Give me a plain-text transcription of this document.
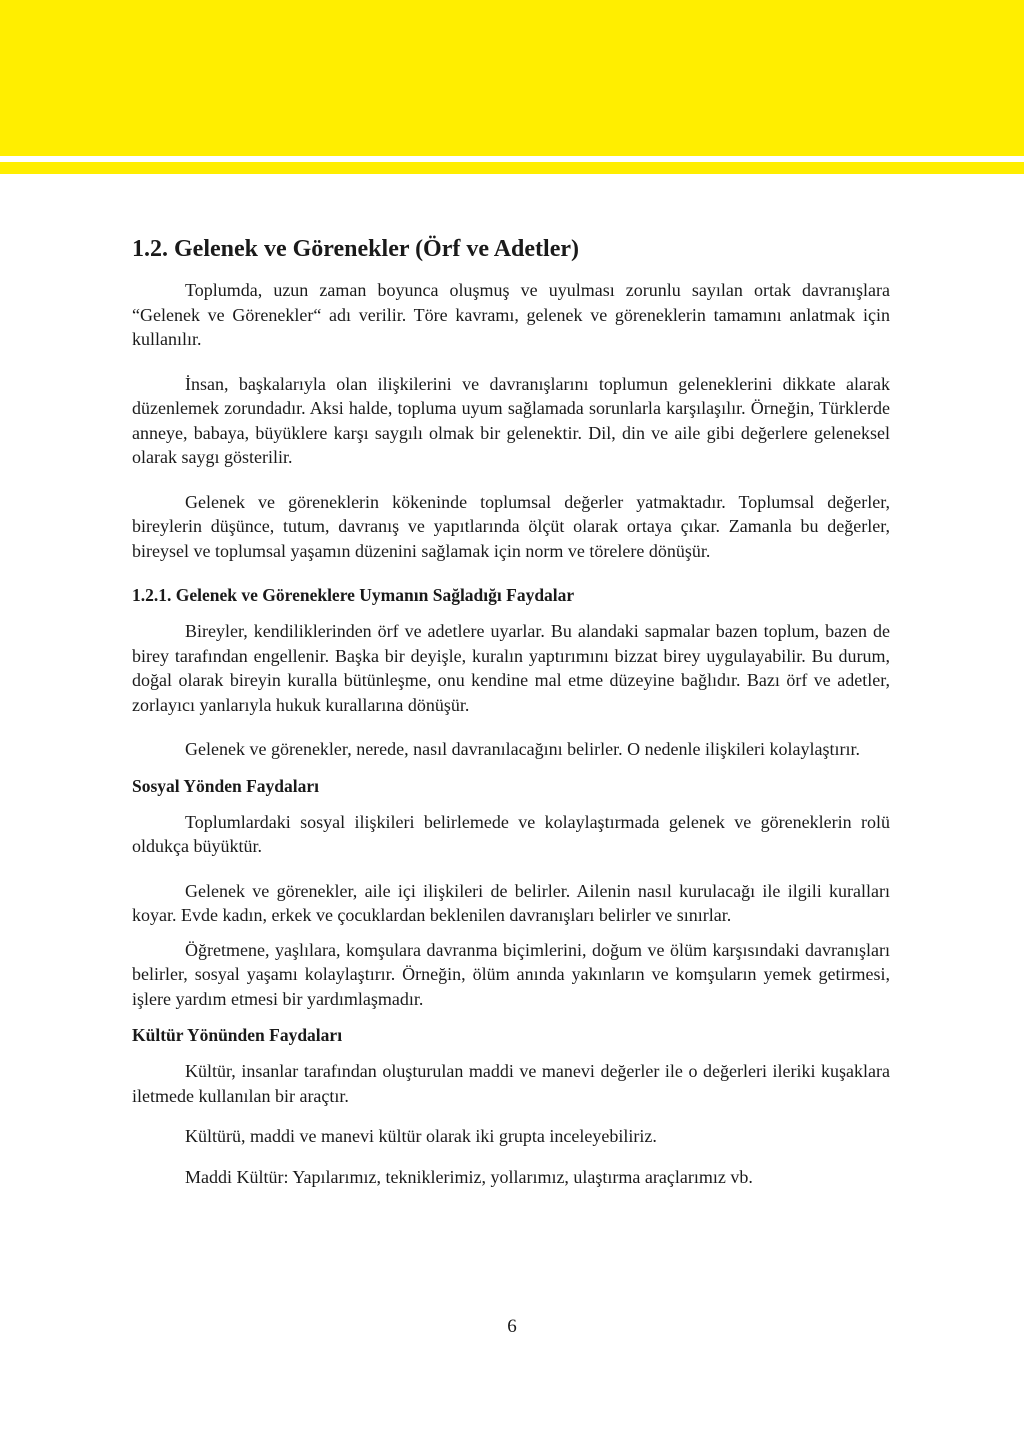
1.2. Gelenek ve Görenekler (Örf ve Adetler)

Toplumda, uzun zaman boyunca oluşmuş ve uyulması zorunlu sayılan ortak davranışlara “Gelenek ve Görenekler“ adı verilir. Töre kavramı, gelenek ve göreneklerin tamamını anlatmak için kullanılır.

İnsan, başkalarıyla olan ilişkilerini ve davranışlarını toplumun geleneklerini dikkate alarak düzenlemek zorundadır. Aksi halde, topluma uyum sağlamada sorunlarla karşılaşılır. Örneğin, Türklerde anneye, babaya, büyüklere karşı saygılı olmak bir gelenektir. Dil, din ve aile gibi değerlere geleneksel olarak saygı gösterilir.

Gelenek ve göreneklerin kökeninde toplumsal değerler yatmaktadır. Toplumsal değerler, bireylerin düşünce, tutum, davranış ve yapıtlarında ölçüt olarak ortaya çıkar. Zamanla bu değerler, bireysel ve toplumsal yaşamın düzenini sağlamak için norm ve törelere dönüşür.

1.2.1. Gelenek ve Göreneklere Uymanın Sağladığı Faydalar

Bireyler, kendiliklerinden örf ve adetlere uyarlar. Bu alandaki sapmalar bazen toplum, bazen de birey tarafından engellenir. Başka bir deyişle, kuralın yaptırımını bizzat birey uygulayabilir. Bu durum, doğal olarak bireyin kuralla bütünleşme, onu kendine mal etme düzeyine bağlıdır. Bazı örf ve adetler, zorlayıcı yanlarıyla hukuk kurallarına dönüşür.

Gelenek ve görenekler, nerede, nasıl davranılacağını belirler. O nedenle ilişkileri kolaylaştırır.

Sosyal Yönden Faydaları

Toplumlardaki sosyal ilişkileri belirlemede ve kolaylaştırmada gelenek ve göreneklerin rolü oldukça büyüktür.

Gelenek ve görenekler, aile içi ilişkileri de belirler. Ailenin nasıl kurulacağı ile ilgili kuralları koyar. Evde kadın, erkek ve çocuklardan beklenilen davranışları belirler ve sınırlar.

Öğretmene, yaşlılara, komşulara davranma biçimlerini, doğum ve ölüm karşısındaki davranışları belirler, sosyal yaşamı kolaylaştırır. Örneğin, ölüm anında yakınların ve komşuların yemek getirmesi, işlere yardım etmesi bir yardımlaşmadır.

Kültür Yönünden Faydaları

Kültür, insanlar tarafından oluşturulan maddi ve manevi değerler ile o değerleri ileriki kuşaklara iletmede kullanılan bir araçtır.

Kültürü, maddi ve manevi kültür olarak iki grupta inceleyebiliriz.

Maddi Kültür: Yapılarımız, tekniklerimiz, yollarımız, ulaştırma araçlarımız vb.

6
